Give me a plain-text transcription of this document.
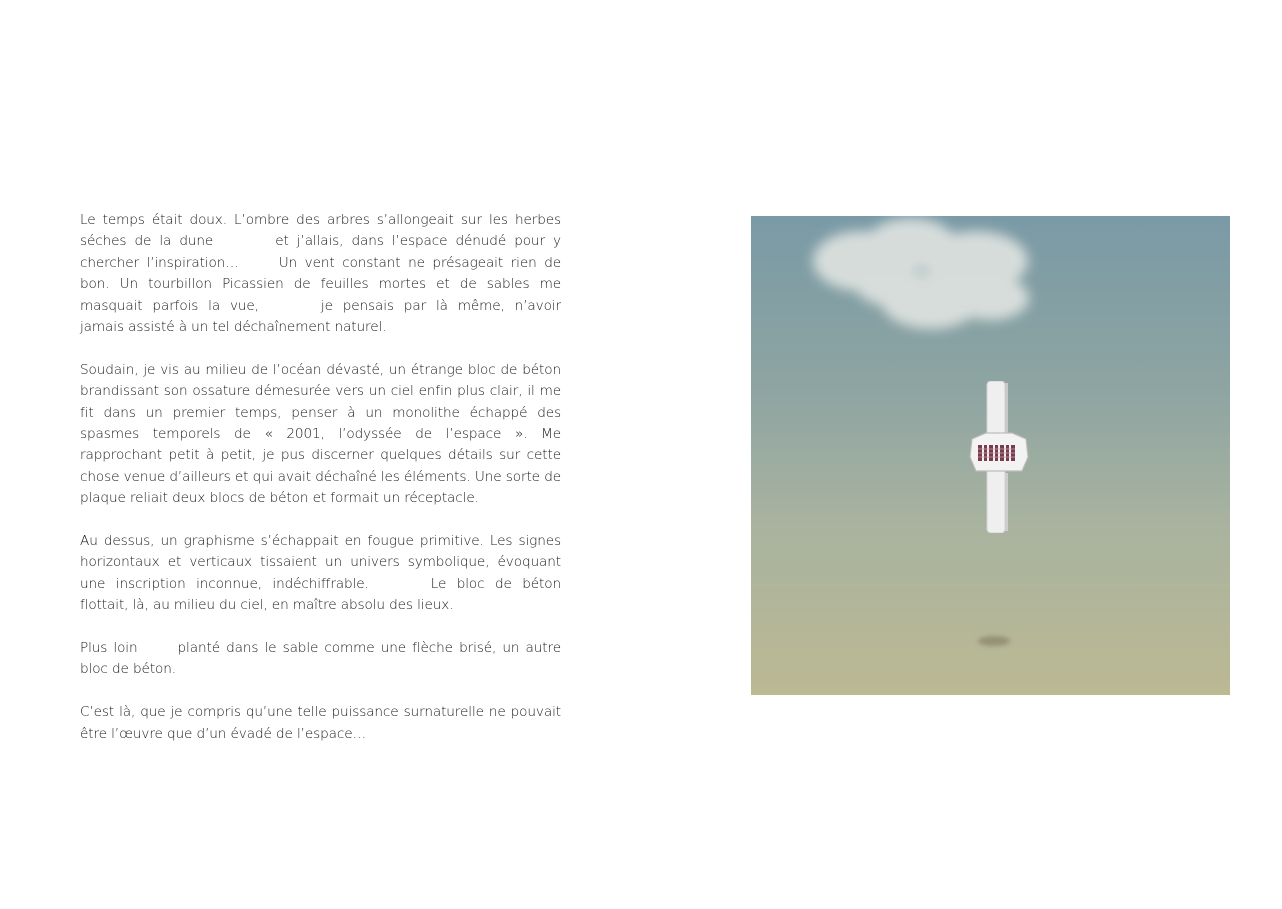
Le temps était doux. L’ombre des arbres s’allongeait sur les herbes séches de la dune	et j’allais, dans l’espace dénudé pour y chercher l’inspiration…	Un vent constant ne présageait rien de bon. Un tourbillon Picassien de feuilles mortes et de sables me masquait parfois la vue,	je pensais par là même, n’avoir jamais assisté à un tel déchaînement naturel.

Soudain, je vis au milieu de l’océan dévasté, un étrange bloc de béton brandissant son ossature démesurée vers un ciel enfin plus clair, il me fit dans un premier temps, penser à un monolithe échappé des spasmes temporels de « 2001, l’odyssée de l’espace ». Me rapprochant petit à petit, je pus discerner quelques détails sur cette chose venue d’ailleurs et qui avait déchaîné les éléments. Une sorte de plaque reliait deux blocs de béton et formait un réceptacle.

Au dessus, un graphisme s’échappait en fougue primitive. Les signes horizontaux et verticaux tissaient un univers symbolique, évoquant une inscription inconnue, indéchiffrable.	Le bloc de béton flottait, là, au milieu du ciel, en maître absolu des lieux.

Plus loin	planté dans le sable comme une flèche brisé, un autre bloc de béton.

C’est là, que je compris qu’une telle puissance surnaturelle ne pouvait être l’œuvre que d’un évadé de l’espace…
